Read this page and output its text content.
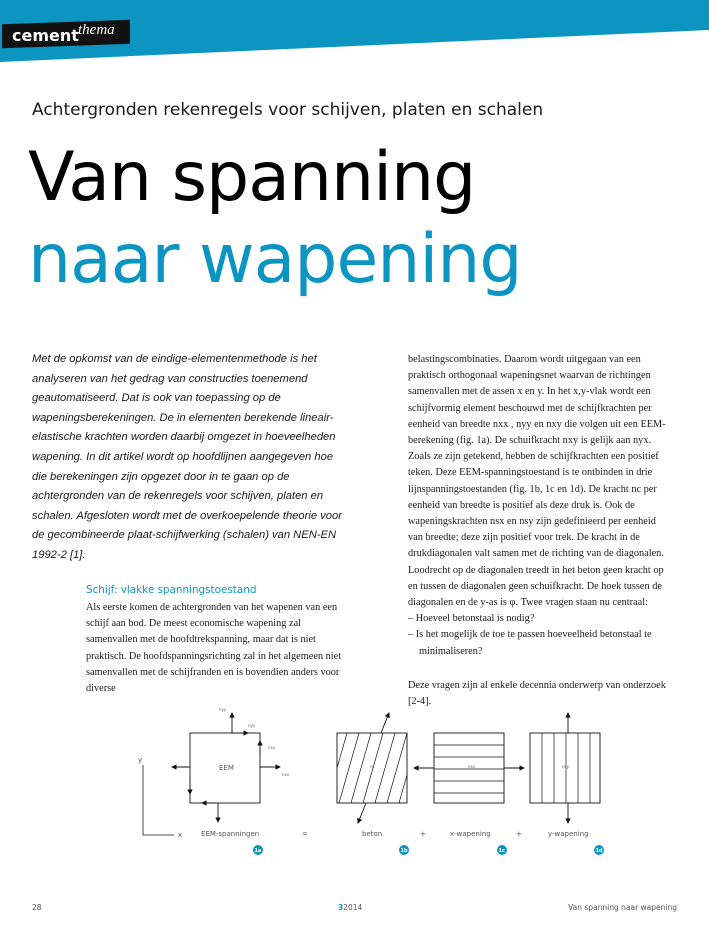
cement thema
Achtergronden rekenregels voor schijven, platen en schalen
Van spanning
naar wapening
Met de opkomst van de eindige-elementenmethode is het analyseren van het gedrag van constructies toenemend geautomatiseerd. Dat is ook van toepassing op de wapeningsberekeningen. De in elementen berekende lineair-elastische krachten worden daarbij omgezet in hoeveelheden wapening. In dit artikel wordt op hoofdlijnen aangegeven hoe die berekeningen zijn opgezet door in te gaan op de achtergronden van de rekenregels voor schijven, platen en schalen. Afgesloten wordt met de overkoepelende theorie voor de gecombineerde plaat-schijfwerking (schalen) van NEN-EN 1992-2 [1].
Schijf: vlakke spanningstoestand
Als eerste komen de achtergronden van het wapenen van een schijf aan bod. De meest economische wapening zal samenvallen met de hoofdtrekspanning, maar dat is niet praktisch. De hoofdspanningsrichting zal in het algemeen niet samenvallen met de schijfranden en is bovendien anders voor diverse

belastingscombinaties. Daarom wordt uitgegaan van een praktisch orthogonaal wapeningsnet waarvan de richtingen samenvallen met de assen x en y. In het x,y-vlak wordt een schijfvormig element beschouwd met de schijfkrachten per eenheid van breedte nxx , nyy en nxy die volgen uit een EEM-berekening (fig. 1a). De schuifkracht nxy is gelijk aan nyx. Zoals ze zijn getekend, hebben de schijfkrachten een positief teken. Deze EEM-spanningstoestand is te ontbinden in drie lijnspanningstoestanden (fig. 1b, 1c en 1d). De kracht nc per eenheid van breedte is positief als deze druk is. Ook de wapeningskrachten nsx en nsy zijn gedefinieerd per eenheid van breedte; deze zijn positief voor trek. De kracht in de drukdiagonalen valt samen met de richting van de diagonalen. Loodrecht op de diagonalen treedt in het beton geen kracht op en tussen de diagonalen geen schuifkracht. De hoek tussen de diagonalen en de y-as is φ. Twee vragen staan nu centraal:

– Hoeveel betonstaal is nodig?

– Is het mogelijk de toe te passen hoeveelheid betonstaal te minimaliseren?

Deze vragen zijn al enkele decennia onderwerp van onderzoek [2-4].

y
x
EEM
nyy
nyx
nxy
nxx
nc	nsx	nsy
EEM-spanningen	=	beton	+	x-wapening	+	y-wapening
1a	1b	1c	1d
28	32014	Van spanning naar wapening
